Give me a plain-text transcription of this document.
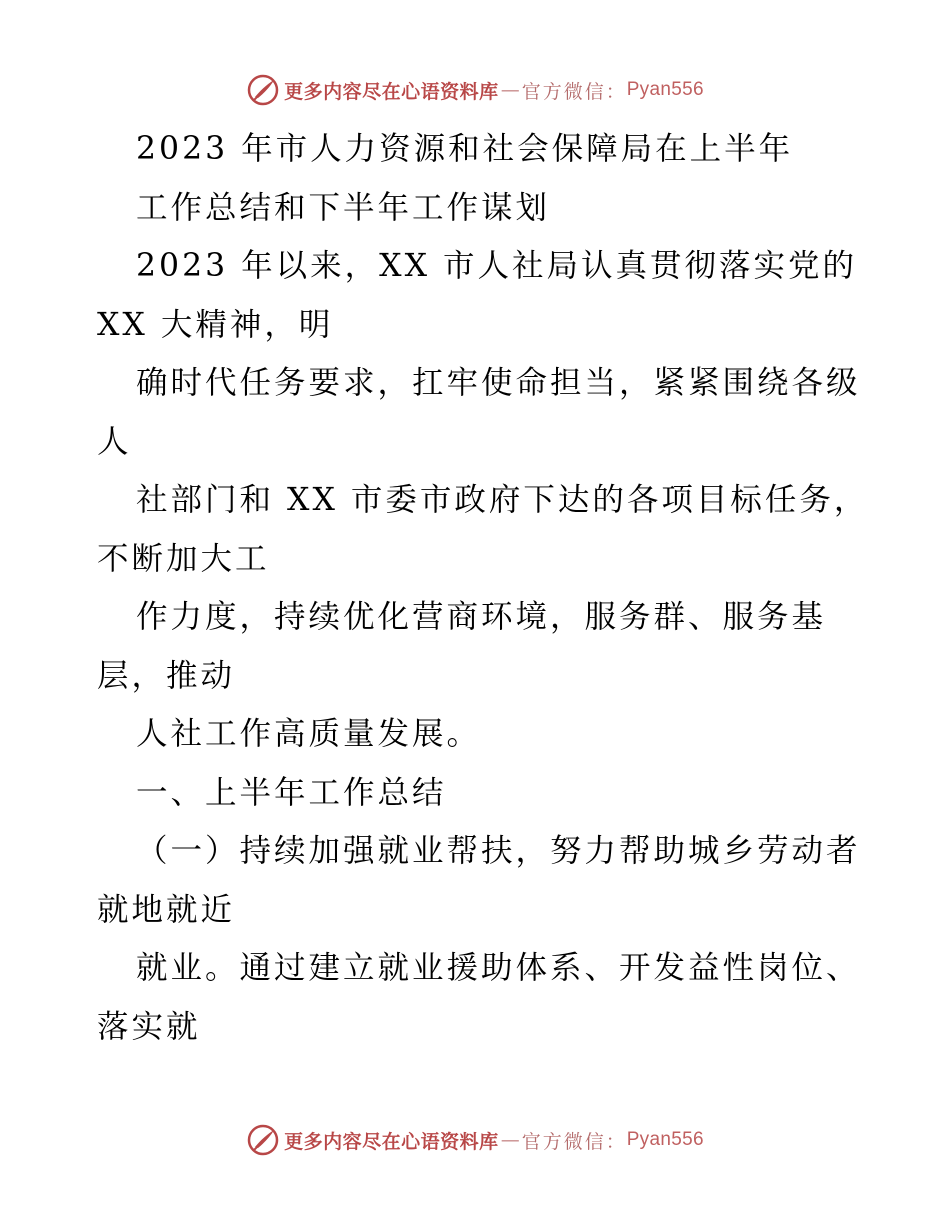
更多内容尽在心语资料库 — 官方微信： Pyan556
2023 年市人力资源和社会保障局在上半年
工作总结和下半年工作谋划
2023 年以来，XX 市人社局认真贯彻落实党的
XX 大精神，明
确时代任务要求，扛牢使命担当，紧紧围绕各级
人
社部门和 XX 市委市政府下达的各项目标任务，
不断加大工
作力度，持续优化营商环境，服务群、服务基
层，推动
人社工作高质量发展。
一、上半年工作总结
（一）持续加强就业帮扶，努力帮助城乡劳动者
就地就近
就业。通过建立就业援助体系、开发益性岗位、
落实就
更多内容尽在心语资料库 — 官方微信： Pyan556
